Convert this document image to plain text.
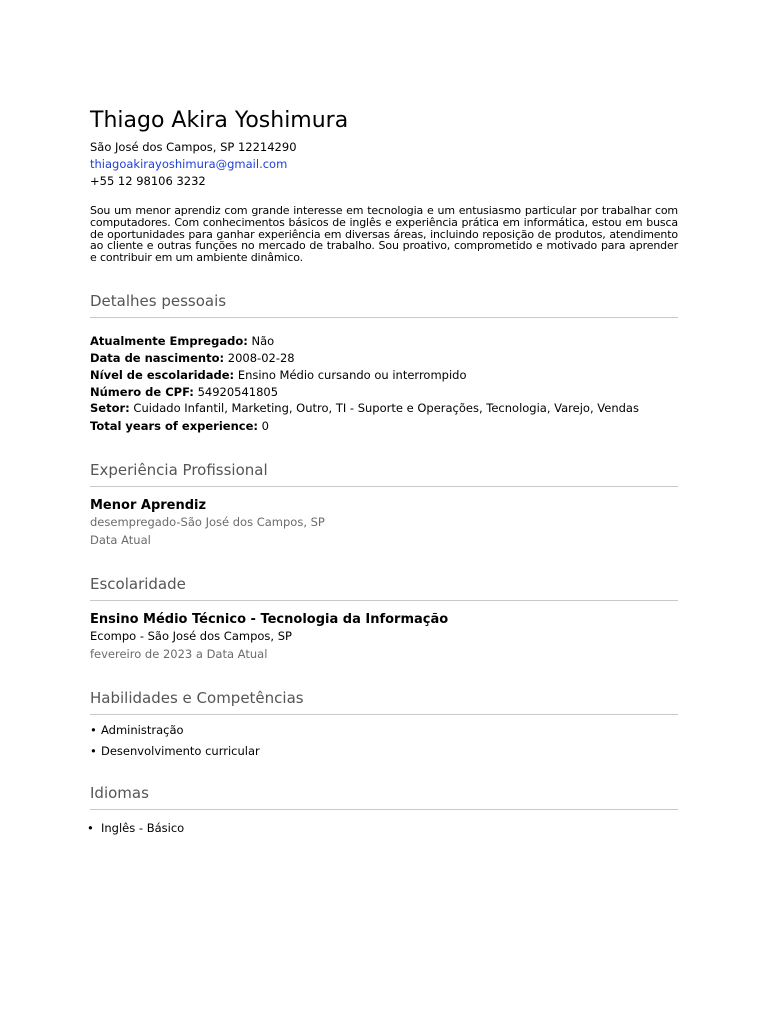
Thiago Akira Yoshimura
São José dos Campos, SP 12214290
thiagoakirayoshimura@gmail.com
+55 12 98106 3232
Sou um menor aprendiz com grande interesse em tecnologia e um entusiasmo particular por trabalhar com computadores. Com conhecimentos básicos de inglês e experiência prática em informática, estou em busca de oportunidades para ganhar experiência em diversas áreas, incluindo reposição de produtos, atendimento ao cliente e outras funções no mercado de trabalho. Sou proativo, comprometido e motivado para aprender e contribuir em um ambiente dinâmico.
Detalhes pessoais
Atualmente Empregado: Não
Data de nascimento: 2008-02-28
Nível de escolaridade: Ensino Médio cursando ou interrompido
Número de CPF: 54920541805
Setor: Cuidado Infantil, Marketing, Outro, TI - Suporte e Operações, Tecnologia, Varejo, Vendas
Total years of experience: 0
Experiência Profissional
Menor Aprendiz
desempregado-São José dos Campos, SP
Data Atual
Escolaridade
Ensino Médio Técnico - Tecnologia da Informação
Ecompo - São José dos Campos, SP
fevereiro de 2023 a Data Atual
Habilidades e Competências
• Administração
• Desenvolvimento curricular
Idiomas
• Inglês - Básico
